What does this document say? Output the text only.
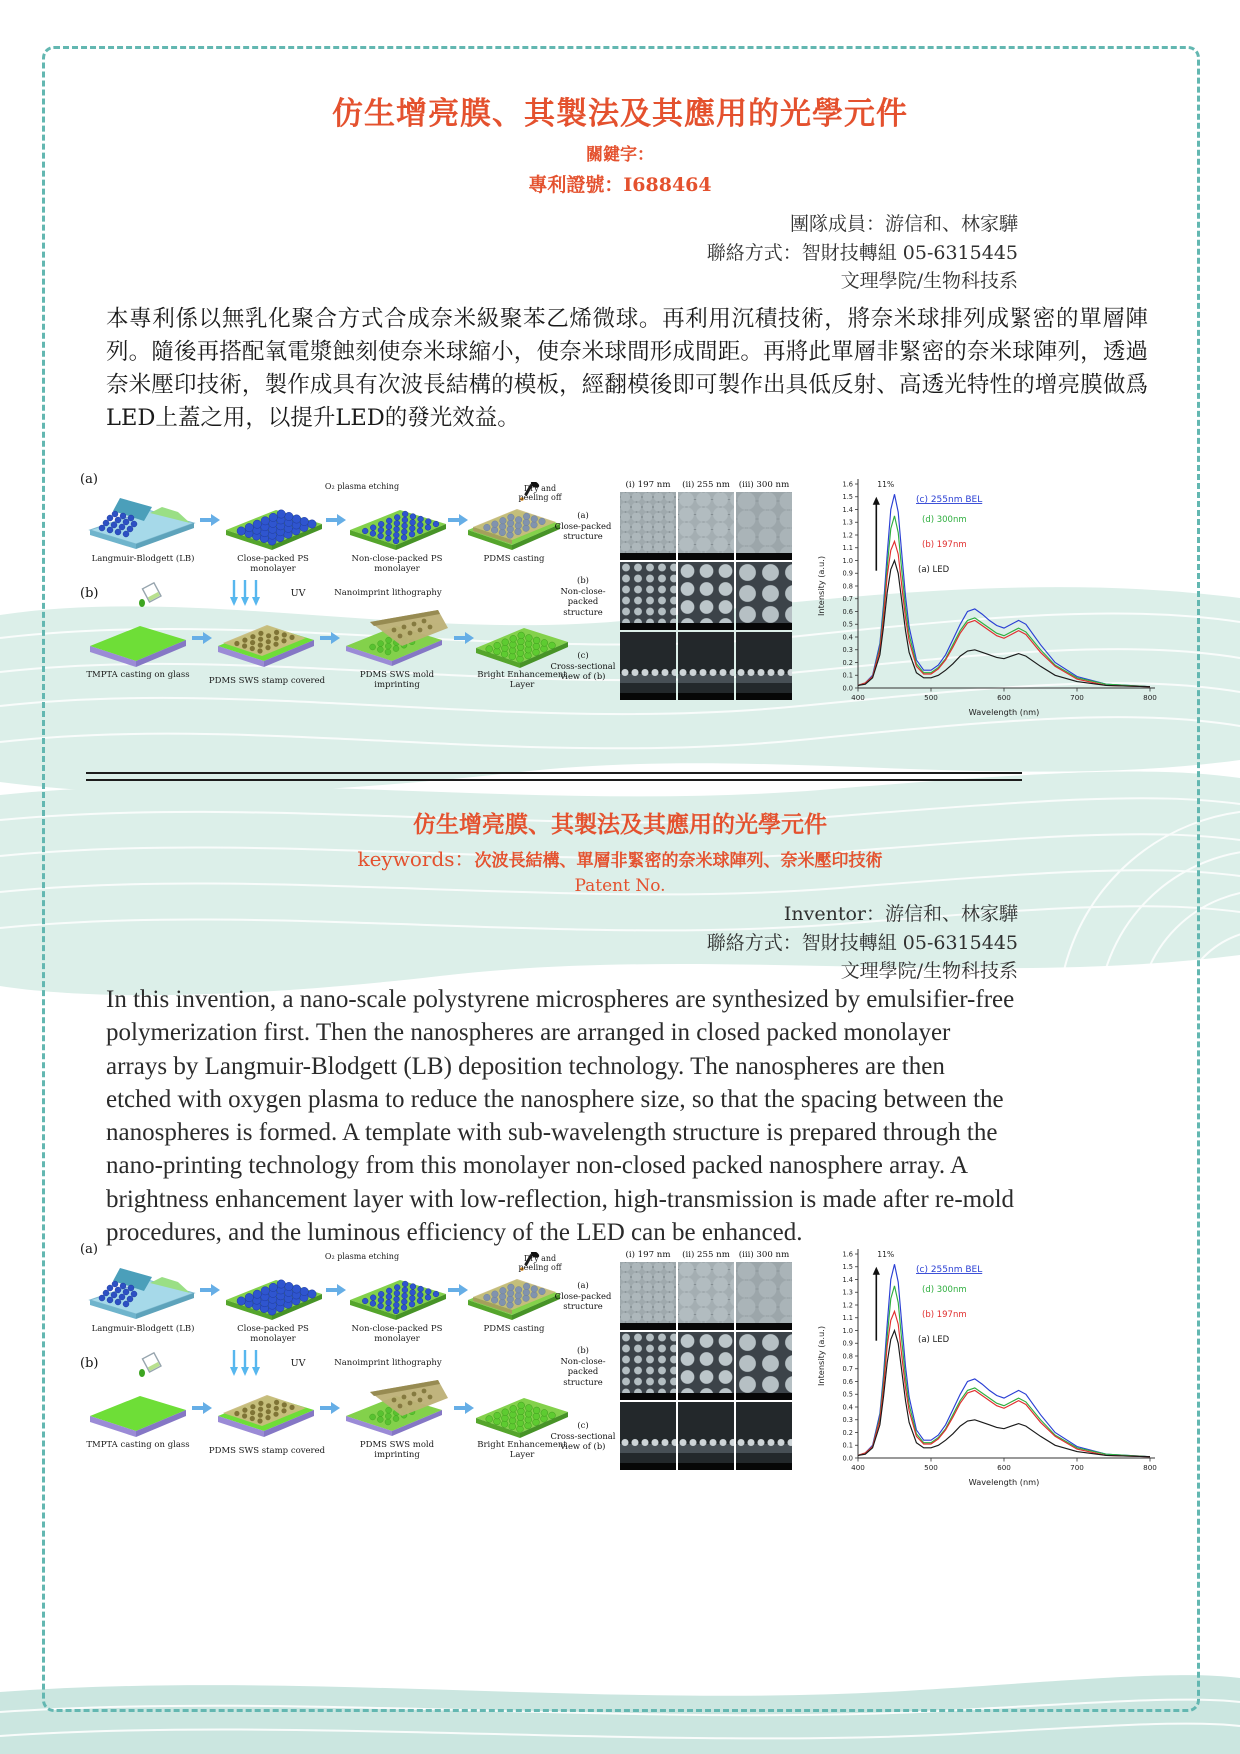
仿生增亮膜、其製法及其應用的光學元件
關鍵字：
專利證號：I688464
團隊成員：游信和、林家驊
聯絡方式：智財技轉組 05-6315445
文理學院/生物科技系
本專利係以無乳化聚合方式合成奈米級聚苯乙烯微球。再利用沉積技術，將奈米球排列成緊密的單層陣列。隨後再搭配氧電漿蝕刻使奈米球縮小，使奈米球間形成間距。再將此單層非緊密的奈米球陣列，透過奈米壓印技術，製作成具有次波長結構的模板，經翻模後即可製作出具低反射、高透光特性的增亮膜做爲LED上蓋之用，以提升LED的發光效益。
(a)
Langmuir-Blodgett (LB)	Close-packed PS monolayer
O₂ plasma etching
Non-close-packed PS monolayer
PDMS casting
Dry and peeling off
(b)
TMPTA casting on glass
UV
PDMS SWS stamp covered
Nanoimprint lithography
PDMS SWS mold imprinting
Bright Enhancement Layer
(i) 197 nm	(ii) 255 nm	(iii) 300 nm
(a)
Close-packed structure
(b)
Non-close-packed structure
(c)
Cross-sectional view of (b)
0.0
0.1
0.2
0.3
0.4
0.5
0.6
0.7
0.8
0.9
1.0
1.1
1.2
1.3
1.4
1.5
1.6
400	500	600	700	800
11%
(c) 255nm BEL
(d) 300nm
(b) 197nm
(a) LED
Wavelength (nm)
Intensity (a.u.)
仿生增亮膜、其製法及其應用的光學元件
keywords：次波長結構、單層非緊密的奈米球陣列、奈米壓印技術
Patent No.
Inventor：游信和、林家驊
聯絡方式：智財技轉組 05-6315445
文理學院/生物科技系
In this invention, a nano-scale polystyrene microspheres are synthesized by emulsifier-free polymerization first. Then the nanospheres are arranged in closed packed monolayer arrays by Langmuir-Blodgett (LB) deposition technology. The nanospheres are then etched with oxygen plasma to reduce the nanosphere size, so that the spacing between the nanospheres is formed. A template with sub-wavelength structure is prepared through the nano-printing technology from this monolayer non-closed packed nanosphere array. A brightness enhancement layer with low-reflection, high-transmission is made after re-mold procedures, and the luminous efficiency of the LED can be enhanced.
(a)
Langmuir-Blodgett (LB)	Close-packed PS monolayer
O₂ plasma etching
Non-close-packed PS monolayer
PDMS casting
Dry and peeling off
(b)
TMPTA casting on glass
UV
PDMS SWS stamp covered
Nanoimprint lithography
PDMS SWS mold imprinting
Bright Enhancement Layer
(i) 197 nm	(ii) 255 nm	(iii) 300 nm
(a)
Close-packed structure
(b)
Non-close-packed structure
(c)
Cross-sectional view of (b)
0.0
0.1
0.2
0.3
0.4
0.5
0.6
0.7
0.8
0.9
1.0
1.1
1.2
1.3
1.4
1.5
1.6
400	500	600	700	800
11%
(c) 255nm BEL
(d) 300nm
(b) 197nm
(a) LED
Wavelength (nm)
Intensity (a.u.)
